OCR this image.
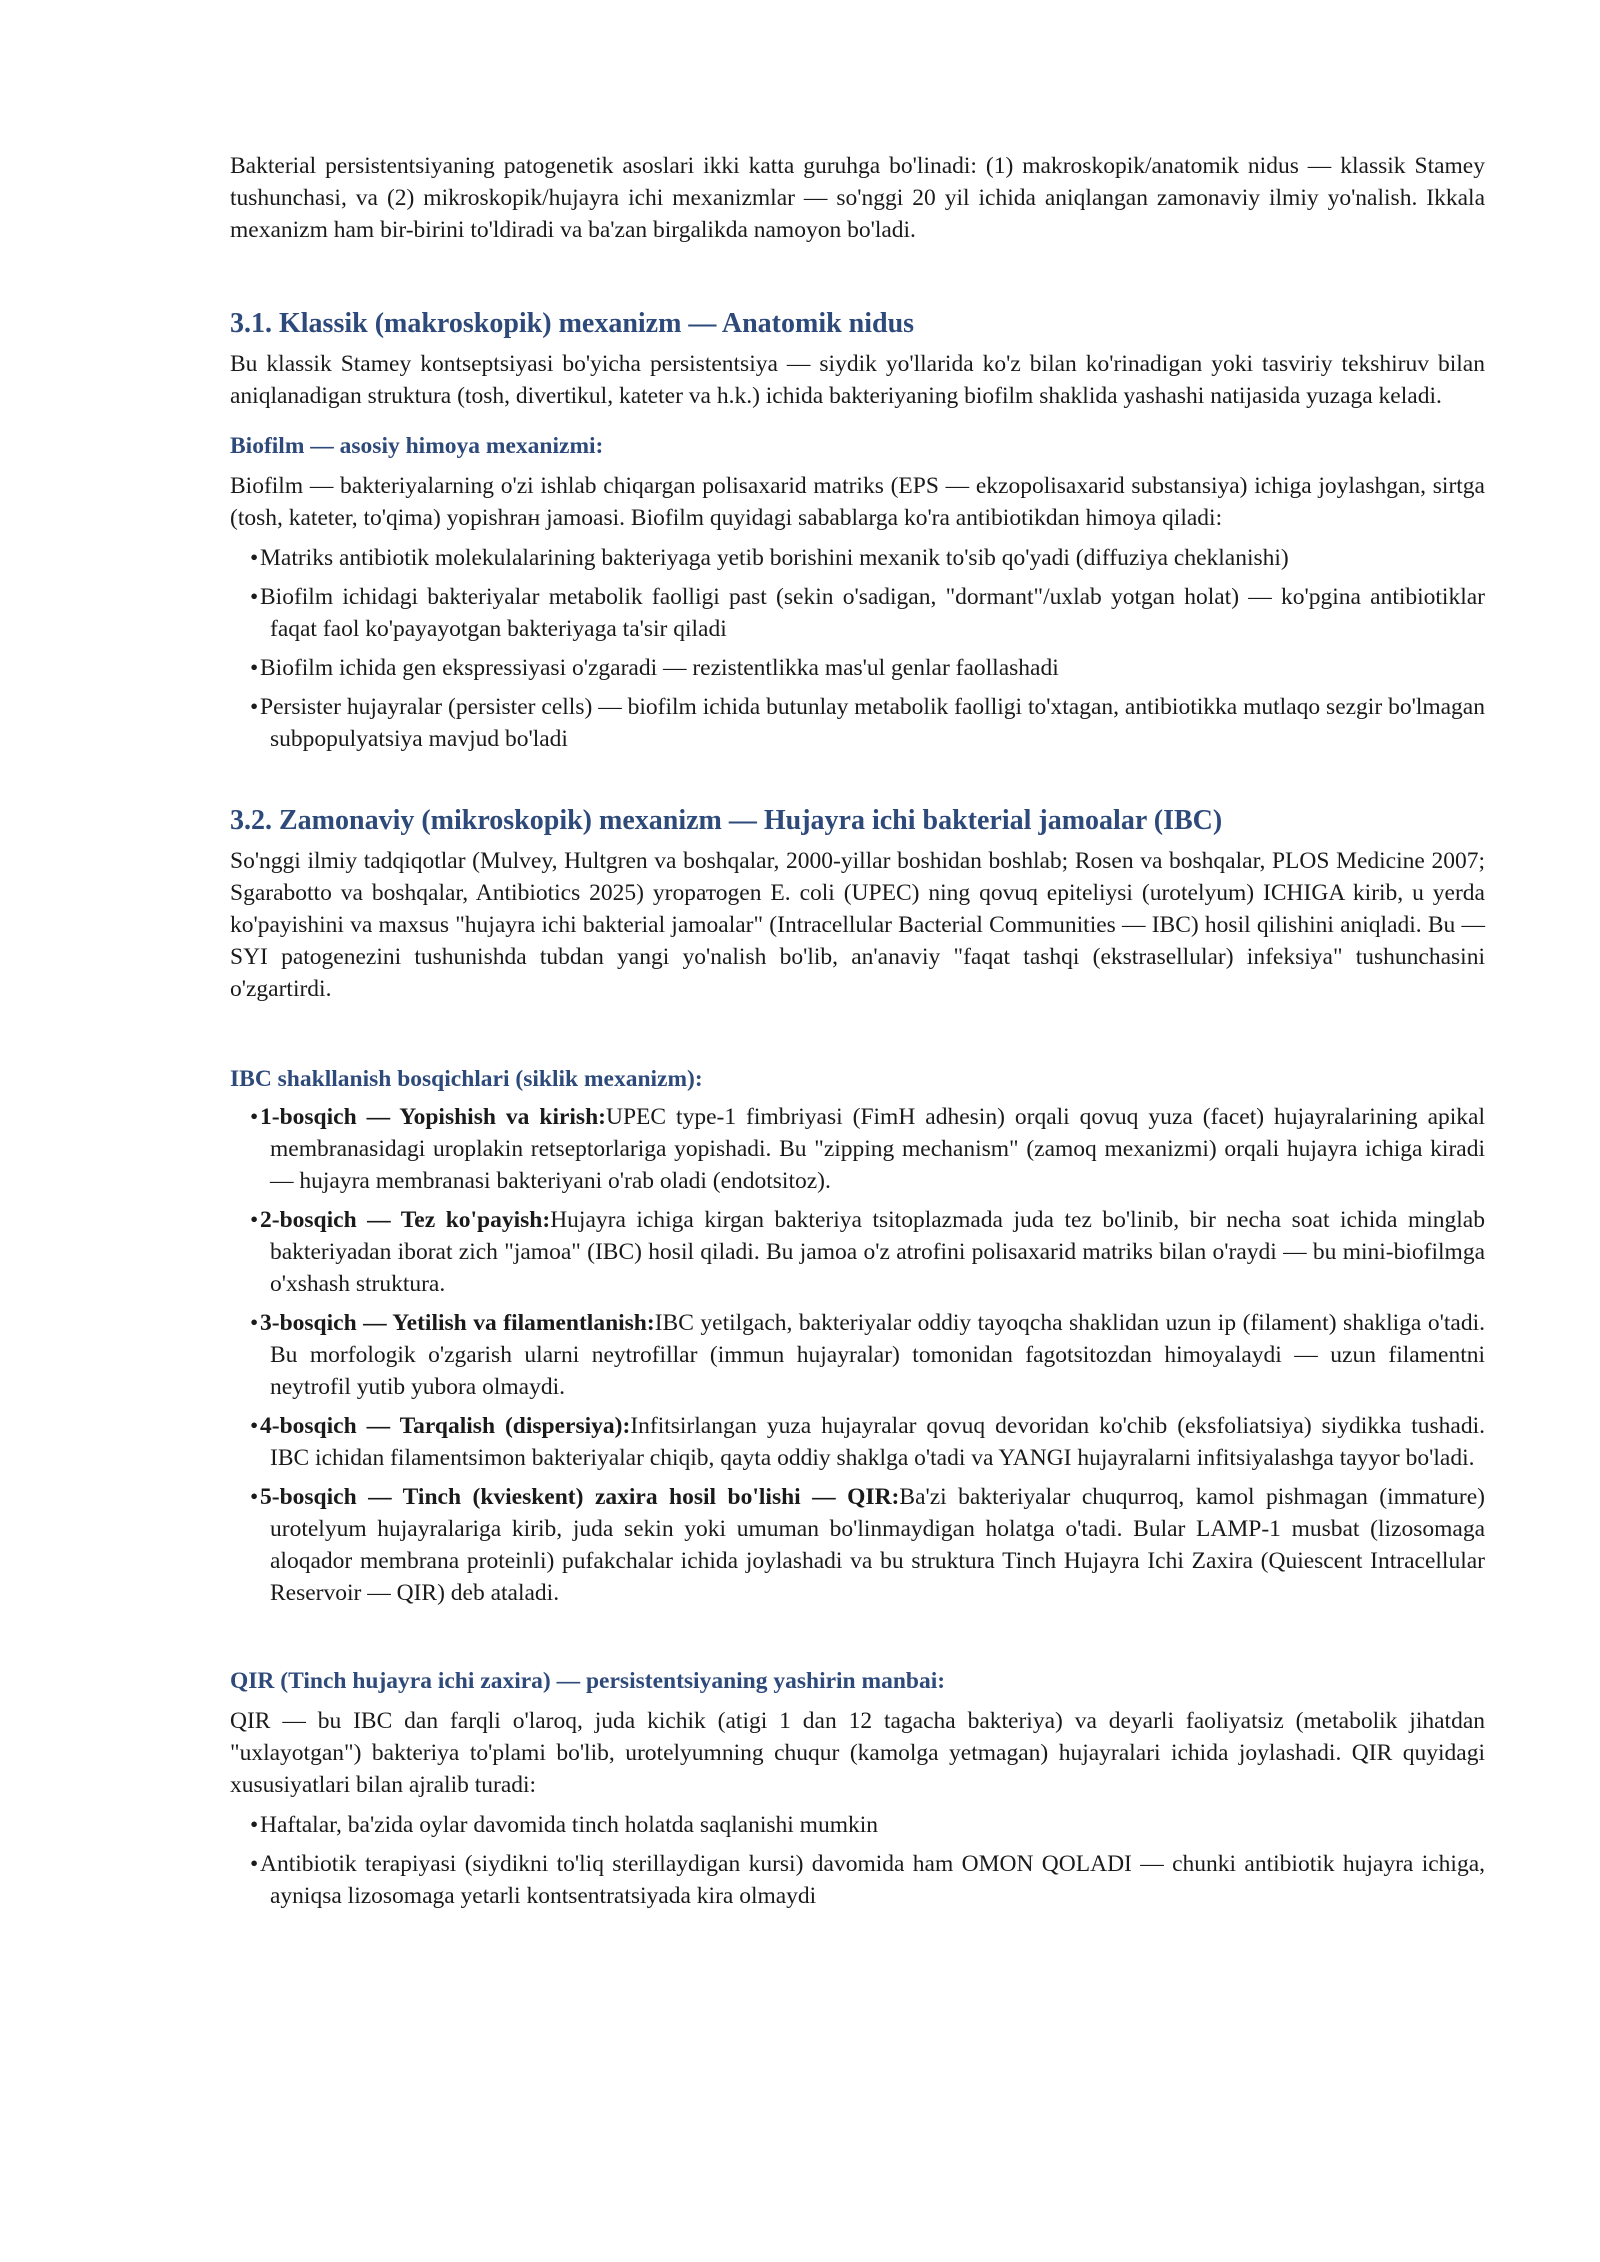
Bakterial persistentsiyaning patogenetik asoslari ikki katta guruhga bo'linadi: (1) makroskopik/anatomik nidus — klassik Stamey tushunchasi, va (2) mikroskopik/hujayra ichi mexanizmlar — so'nggi 20 yil ichida aniqlangan zamonaviy ilmiy yo'nalish. Ikkala mexanizm ham bir-birini to'ldiradi va ba'zan birgalikda namoyon bo'ladi.

3.1. Klassik (makroskopik) mexanizm — Anatomik nidus

Bu klassik Stamey kontseptsiyasi bo'yicha persistentsiya — siydik yo'llarida ko'z bilan ko'rinadigan yoki tasviriy tekshiruv bilan aniqlanadigan struktura (tosh, divertikul, kateter va h.k.) ichida bakteriyaning biofilm shaklida yashashi natijasida yuzaga keladi.

Biofilm — asosiy himoya mexanizmi:

Biofilm — bakteriyalarning o'zi ishlab chiqargan polisaxarid matriks (EPS — ekzopolisaxarid substansiya) ichiga joylashgan, sirtga (tosh, kateter, to'qima) yopishraн jamoasi. Biofilm quyidagi sabablarga ko'ra antibiotikdan himoya qiladi:

•Matriks antibiotik molekulalarining bakteriyaga yetib borishini mexanik to'sib qo'yadi (diffuziya cheklanishi)
•Biofilm ichidagi bakteriyalar metabolik faolligi past (sekin o'sadigan, "dormant"/uxlab yotgan holat) — ko'pgina antibiotiklar faqat faol ko'payayotgan bakteriyaga ta'sir qiladi
•Biofilm ichida gen ekspressiyasi o'zgaradi — rezistentlikka mas'ul genlar faollashadi
•Persister hujayralar (persister cells) — biofilm ichida butunlay metabolik faolligi to'xtagan, antibiotikka mutlaqo sezgir bo'lmagan subpopulyatsiya mavjud bo'ladi
3.2. Zamonaviy (mikroskopik) mexanizm — Hujayra ichi bakterial jamoalar (IBC)

So'nggi ilmiy tadqiqotlar (Mulvey, Hultgren va boshqalar, 2000-yillar boshidan boshlab; Rosen va boshqalar, PLOS Medicine 2007; Sgarabotto va boshqalar, Antibiotics 2025) уropатоgen E. coli (UPEC) ning qovuq epiteliysi (urotelyum) ICHIGA kirib, u yerda ko'payishini va maxsus "hujayra ichi bakterial jamoalar" (Intracellular Bacterial Communities — IBC) hosil qilishini aniqladi. Bu — SYI patogenezini tushunishda tubdan yangi yo'nalish bo'lib, an'anaviy "faqat tashqi (ekstrasellular) infeksiya" tushunchasini o'zgartirdi.

IBC shakllanish bosqichlari (siklik mexanizm):
•1-bosqich — Yopishish va kirish:UPEC type-1 fimbriyasi (FimH adhesin) orqali qovuq yuza (facet) hujayralarining apikal membranasidagi uroplakin retseptorlariga yopishadi. Bu "zipping mechanism" (zamoq mexanizmi) orqali hujayra ichiga kiradi — hujayra membranasi bakteriyani o'rab oladi (endotsitoz).
•2-bosqich — Tez ko'payish:Hujayra ichiga kirgan bakteriya tsitoplazmada juda tez bo'linib, bir necha soat ichida minglab bakteriyadan iborat zich "jamoa" (IBC) hosil qiladi. Bu jamoa o'z atrofini polisaxarid matriks bilan o'raydi — bu mini-biofilmga o'xshash struktura.
•3-bosqich — Yetilish va filamentlanish:IBC yetilgach, bakteriyalar oddiy tayoqcha shaklidan uzun ip (filament) shakliga o'tadi. Bu morfologik o'zgarish ularni neytrofillar (immun hujayralar) tomonidan fagotsitozdan himoyalaydi — uzun filamentni neytrofil yutib yubora olmaydi.
•4-bosqich — Tarqalish (dispersiya):Infitsirlangan yuza hujayralar qovuq devoridan ko'chib (eksfoliatsiya) siydikka tushadi. IBC ichidan filamentsimon bakteriyalar chiqib, qayta oddiy shaklga o'tadi va YANGI hujayralarni infitsiyalashga tayyor bo'ladi.
•5-bosqich — Tinch (kvieskent) zaxira hosil bo'lishi — QIR:Ba'zi bakteriyalar chuqurroq, kamol pishmagan (immature) urotelyum hujayralariga kirib, juda sekin yoki umuman bo'linmaydigan holatga o'tadi. Bular LAMP-1 musbat (lizosomaga aloqador membrana proteinli) pufakchalar ichida joylashadi va bu struktura Tinch Hujayra Ichi Zaxira (Quiescent Intracellular Reservoir — QIR) deb ataladi.
QIR (Tinch hujayra ichi zaxira) — persistentsiyaning yashirin manbai:

QIR — bu IBC dan farqli o'laroq, juda kichik (atigi 1 dan 12 tagacha bakteriya) va deyarli faoliyatsiz (metabolik jihatdan "uxlayotgan") bakteriya to'plami bo'lib, urotelyumning chuqur (kamolga yetmagan) hujayralari ichida joylashadi. QIR quyidagi xususiyatlari bilan ajralib turadi:

•Haftalar, ba'zida oylar davomida tinch holatda saqlanishi mumkin
•Antibiotik terapiyasi (siydikni to'liq sterillaydigan kursi) davomida ham OMON QOLADI — chunki antibiotik hujayra ichiga, ayniqsa lizosomaga yetarli kontsentratsiyada kira olmaydi
